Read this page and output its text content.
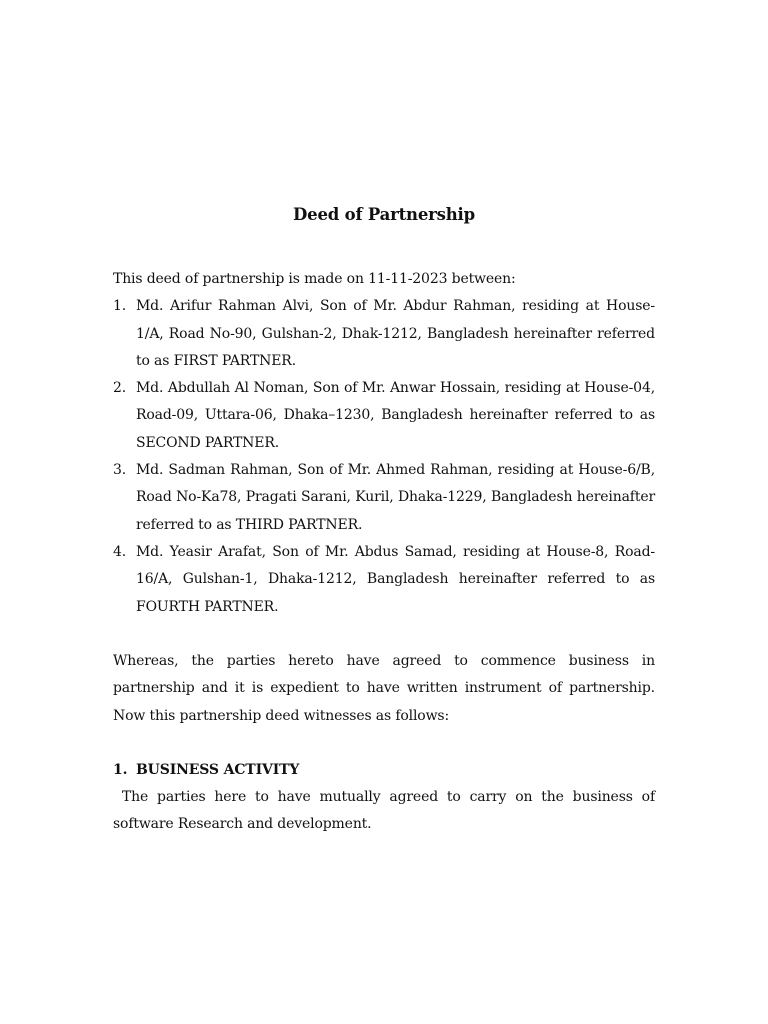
Deed of Partnership
This deed of partnership is made on 11-11-2023 between:
1. Md. Arifur Rahman Alvi, Son of Mr. Abdur Rahman, residing at House-1/A, Road No-90, Gulshan-2, Dhak-1212, Bangladesh hereinafter referred to as FIRST PARTNER.
2. Md. Abdullah Al Noman, Son of Mr. Anwar Hossain, residing at House-04, Road-09, Uttara-06, Dhaka–1230, Bangladesh hereinafter referred to as SECOND PARTNER.
3. Md. Sadman Rahman, Son of Mr. Ahmed Rahman, residing at House-6/B, Road No-Ka78, Pragati Sarani, Kuril, Dhaka-1229, Bangladesh hereinafter referred to as THIRD PARTNER.
4. Md. Yeasir Arafat, Son of Mr. Abdus Samad, residing at House-8, Road-16/A, Gulshan-1, Dhaka-1212, Bangladesh hereinafter referred to as FOURTH PARTNER.
Whereas, the parties hereto have agreed to commence business in partnership and it is expedient to have written instrument of partnership. Now this partnership deed witnesses as follows:
1. BUSINESS ACTIVITY
The parties here to have mutually agreed to carry on the business of software Research and development.
